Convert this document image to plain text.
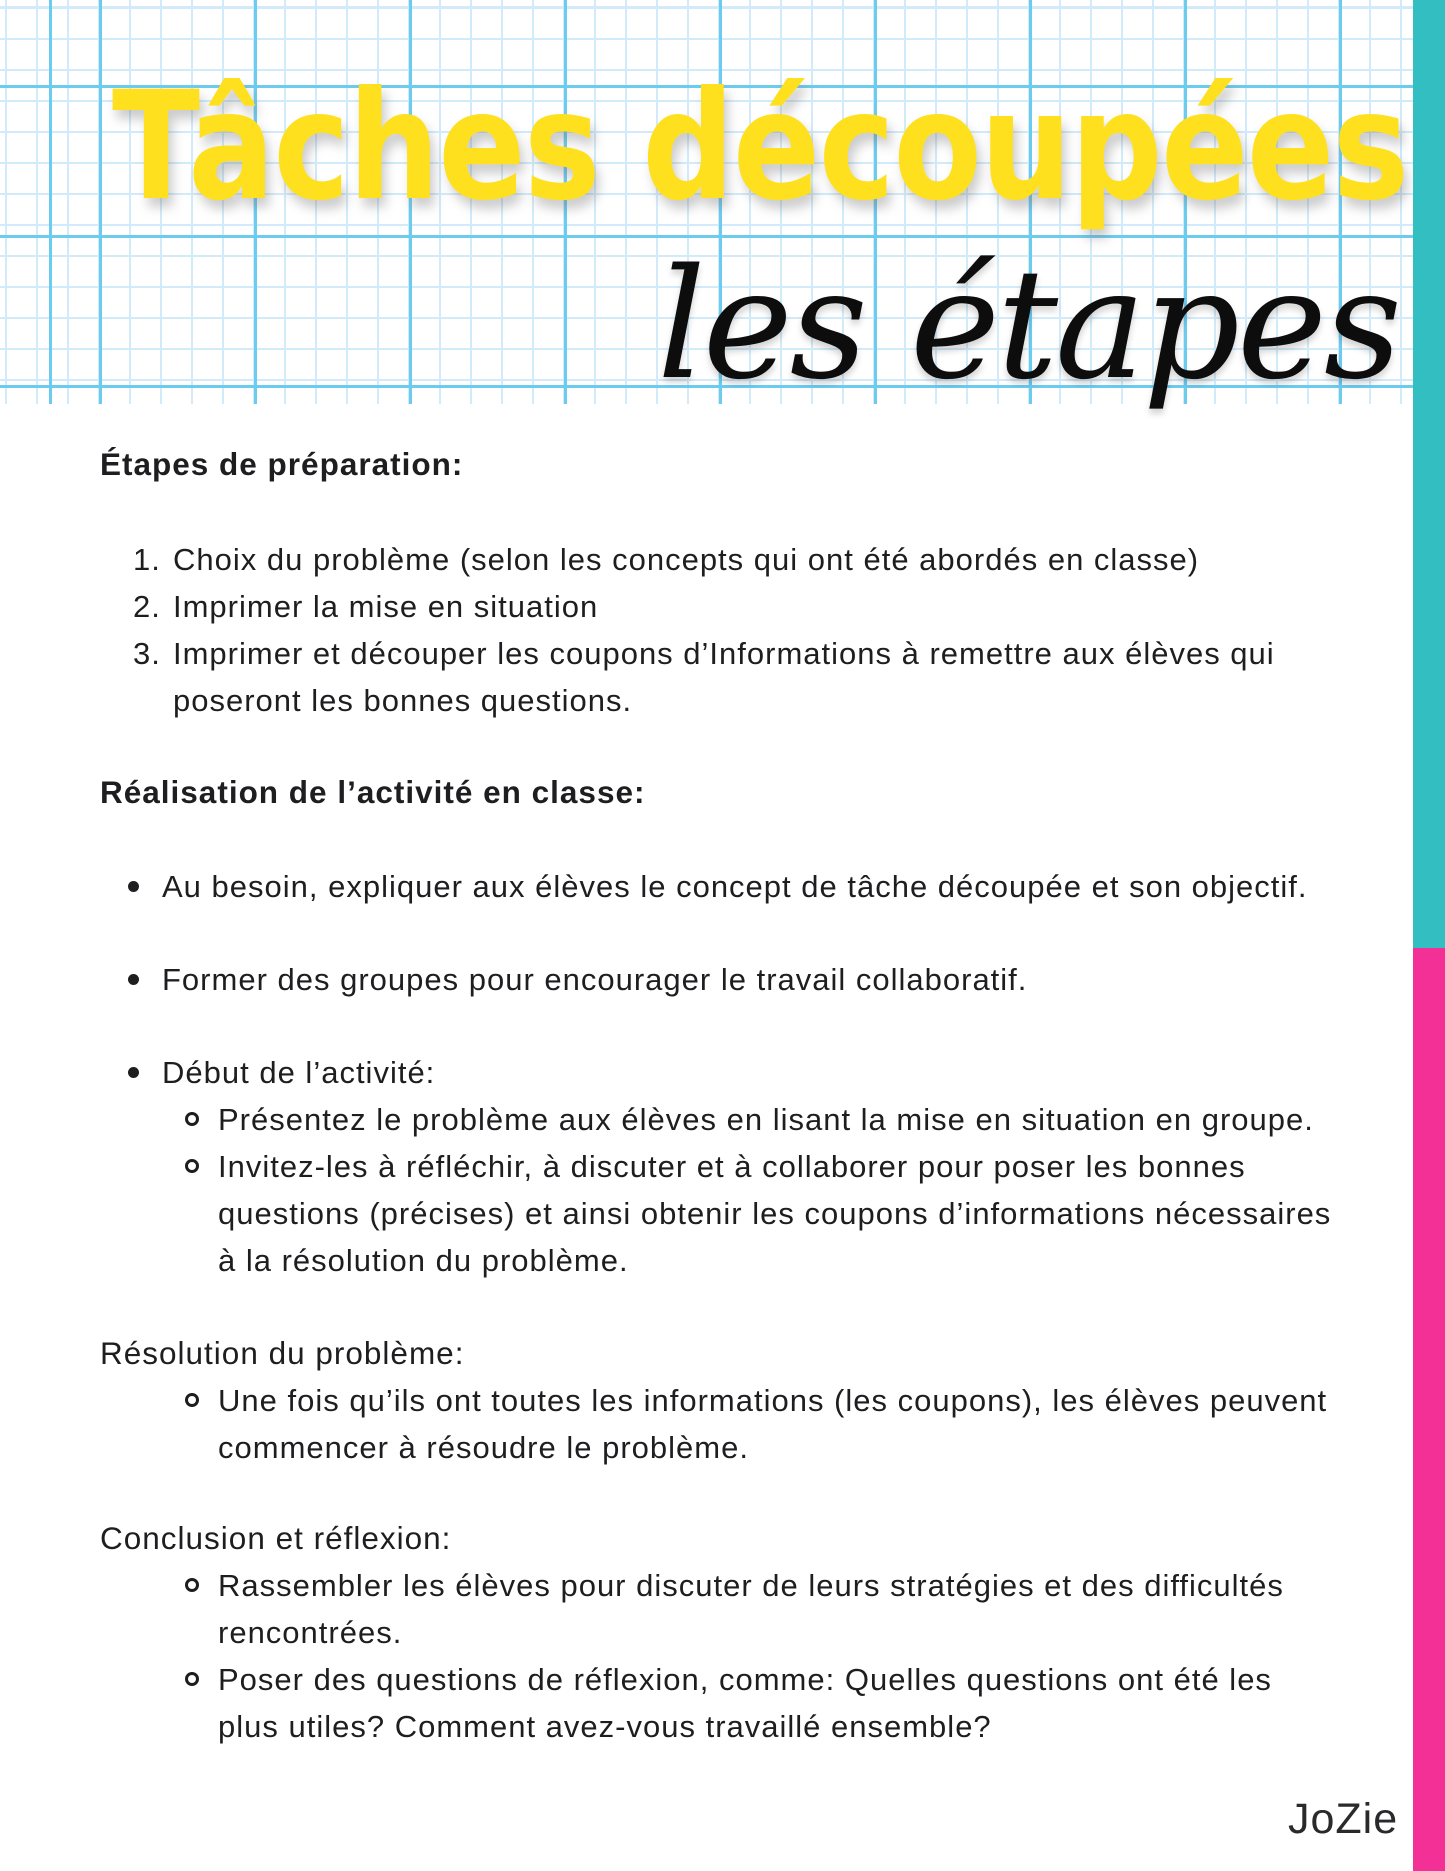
Tâches découpées
les étapes
Étapes de préparation:
1. Choix du problème (selon les concepts qui ont été abordés en classe)
2. Imprimer la mise en situation
3. Imprimer et découper les coupons d’Informations à remettre aux élèves qui poseront les bonnes questions.
Réalisation de l’activité en classe:
Au besoin, expliquer aux élèves le concept de tâche découpée et son objectif.
Former des groupes pour encourager le travail collaboratif.
Début de l’activité:
Présentez le problème aux élèves en lisant la mise en situation en groupe.
Invitez-les à réfléchir, à discuter et à collaborer pour poser les bonnes questions (précises) et ainsi obtenir les coupons d’informations nécessaires à la résolution du problème.
Résolution du problème:
Une fois qu’ils ont toutes les informations (les coupons), les élèves peuvent commencer à résoudre le problème.
Conclusion et réflexion:
Rassembler les élèves pour discuter de leurs stratégies et des difficultés rencontrées.
Poser des questions de réflexion, comme: Quelles questions ont été les plus utiles? Comment avez-vous travaillé ensemble?
JoZie
